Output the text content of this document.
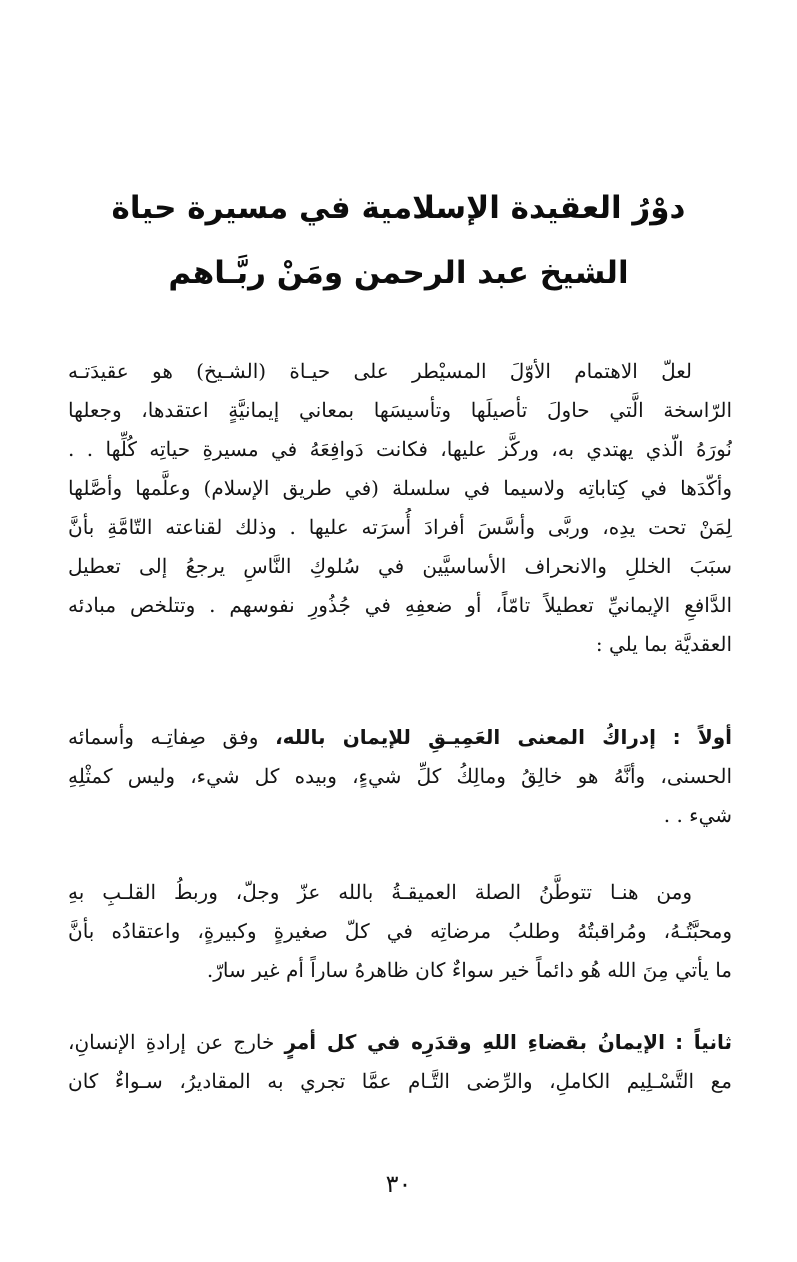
دوْرُ العقيدة الإسلامية في مسيرة حياة
الشيخ عبد الرحمن ومَنْ ربَّـاهم
لعلّ الاهتمام الأوّلَ المسيْطر على حيـاة (الشـيخ) هو عقيدَتـه
الرّاسخة الَّتي حاولَ تأصيلَها وتأسيسَها بمعاني إيمانيَّةٍ اعتقدها، وجعلها
نُورَهُ الّذي يهتدي به، وركَّز عليها، فكانت دَوافِعَهُ في مسيرةِ حياتِه كُلِّها . .
وأكّدَها في كِتاباتِه ولاسيما في سلسلة (في طريق الإسلام) وعلَّمها وأصَّلها
لِمَنْ تحت يدِه، وربَّى وأسَّسَ أفرادَ أُسرَته عليها . وذلك لقناعته التّامَّةِ بأنَّ
سبَبَ الخللِ والانحراف الأساسيَّين في سُلوكِ النَّاسِ يرجعُ إلى تعطيل
الدَّافعِ الإيمانيِّ تعطيلاً تامّاً، أو ضعفِهِ في جُذُورِ نفوسهم . وتتلخص مبادئه
العقديَّة بما يلي :
أولاً : إدراكُ المعنى العَمِيـقِ للإيمان بالله، وفق صِفاتِـه وأسمائه
الحسنى، وأنَّهُ هو خالِقُ ومالِكُ كلِّ شيءٍ، وبيده كل شيء، وليس كمثْلِهِ
شيء . .
ومن هنـا تتوطَّنُ الصلة العميقـةُ بالله عزّ وجلّ، وربطُ القلـبِ بهِ
ومحبَّتُـهُ، ومُراقبتُهُ وطلبُ مرضاتِه في كلّ صغيرةٍ وكبيرةٍ، واعتقادُه بأنَّ
ما يأتي مِنَ الله هُو دائماً خير سواءٌ كان ظاهرهُ ساراً أم غير سارّ.
ثانياً : الإيمانُ بقضاءِ اللهِ وقدَرِه في كل أمرٍ خارج عن إرادةِ الإنسانِ،
مع التَّسْـلِيم الكاملِ، والرِّضى التَّـام عمَّا تجري به المقاديرُ، سـواءٌ كان
٣٠
